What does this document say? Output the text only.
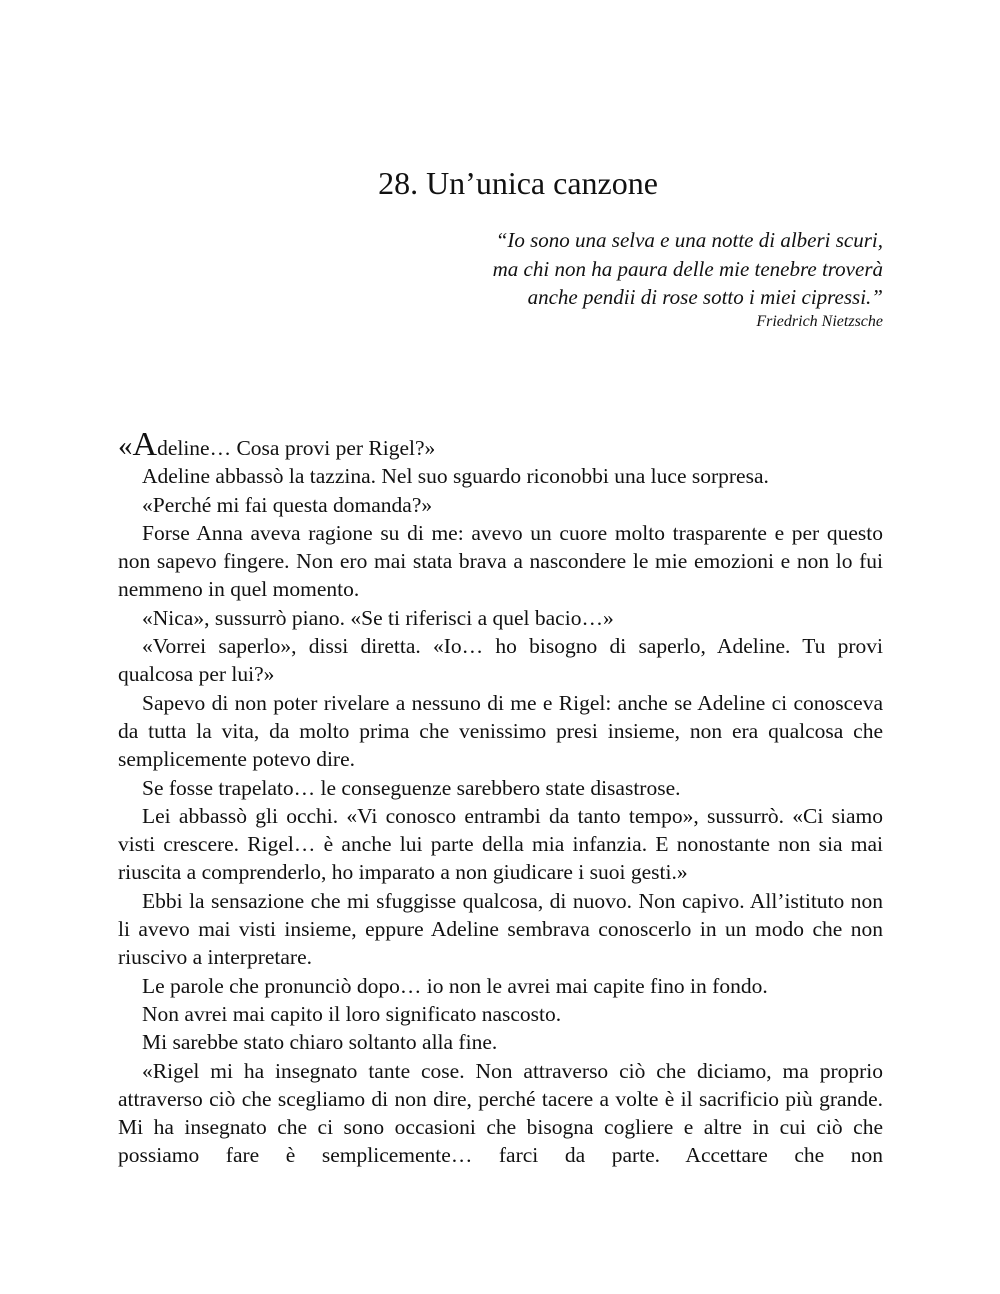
28. Un’unica canzone
“Io sono una selva e una notte di alberi scuri,
ma chi non ha paura delle mie tenebre troverà
anche pendii di rose sotto i miei cipressi.”
Friedrich Nietzsche

«Adeline… Cosa provi per Rigel?»

Adeline abbassò la tazzina. Nel suo sguardo riconobbi una luce sorpresa.

«Perché mi fai questa domanda?»

Forse Anna aveva ragione su di me: avevo un cuore molto trasparente e per questo non sapevo fingere. Non ero mai stata brava a nascondere le mie emozioni e non lo fui nemmeno in quel momento.

«Nica», sussurrò piano. «Se ti riferisci a quel bacio…»

«Vorrei saperlo», dissi diretta. «Io… ho bisogno di saperlo, Adeline. Tu provi qualcosa per lui?»

Sapevo di non poter rivelare a nessuno di me e Rigel: anche se Adeline ci conosceva da tutta la vita, da molto prima che venissimo presi insieme, non era qualcosa che semplicemente potevo dire.

Se fosse trapelato… le conseguenze sarebbero state disastrose.

Lei abbassò gli occhi. «Vi conosco entrambi da tanto tempo», sussurrò. «Ci siamo visti crescere. Rigel… è anche lui parte della mia infanzia. E nonostante non sia mai riuscita a comprenderlo, ho imparato a non giudicare i suoi gesti.»

Ebbi la sensazione che mi sfuggisse qualcosa, di nuovo. Non capivo. All’istituto non li avevo mai visti insieme, eppure Adeline sembrava conoscerlo in un modo che non riuscivo a interpretare.

Le parole che pronunciò dopo… io non le avrei mai capite fino in fondo.

Non avrei mai capito il loro significato nascosto.

Mi sarebbe stato chiaro soltanto alla fine.

«Rigel mi ha insegnato tante cose. Non attraverso ciò che diciamo, ma proprio attraverso ciò che scegliamo di non dire, perché tacere a volte è il sacrificio più grande. Mi ha insegnato che ci sono occasioni che bisogna cogliere e altre in cui ciò che possiamo fare è semplicemente… farci da parte. Accettare che non
